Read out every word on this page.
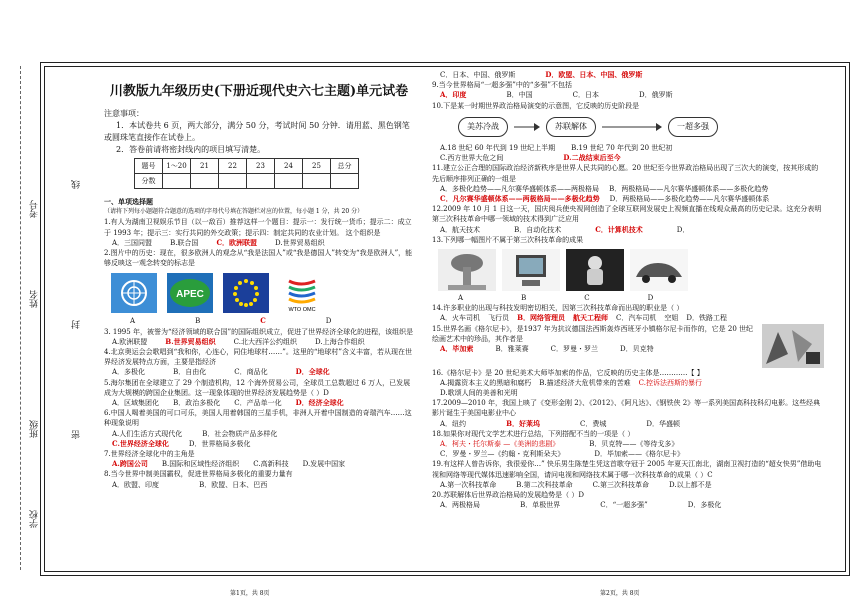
学校
班级
姓名
考号
密
封
线
川教版九年级历史(下册近现代史六七主题)单元试卷
注意事项：
1．本试卷共 6 页，两大部分，满分 50 分，考试时间 50 分钟．请用蓝、黑色钢笔或圆珠笔直接作在试卷上。
2．答卷前请将密封线内的项目填写清楚。
题号	1～20	21	22	23	24	25	总分
分数							
一、单项选择题
（请将下列每小题题符合题意的选项的字母代号填在答题栏对应的位置，每小题 1 分，共 20 分）

1.有人为湖南卫视娱乐节目（以一敌百）推荐这样一个题目：提示一：发行统一货币；提示二：成立于 1993 年；提示三：实行共同的外交政策；提示四：制定共同的农业计划。 这个组织是

A．三国同盟	B.联合国	C．欧洲联盟	D.世界贸易组织

2.图片中的历史：现在，很多欧洲人的观念从“我是法国人”或“我是德国人”转变为“我是欧洲人”，能够反映这一观念转变的标志是

APEC
WTO OMC
A	B	C	D

3. 1995 年，被誉为“经济领域的联合国”的国际组织成立，促进了世界经济全球化的进程，该组织是

A.欧洲联盟	B.世界贸易组织	C.北大西洋公约组织	D.上海合作组织

4.北京奥运会会歌唱到“我和你，心连心，同住地球村……”。这里的“地球村”含义丰富，若从现在世界经济发展特点方面，主要是指经济

A．多极化	B．自由化	C．商品化	D．全球化

5.海尔集团在全球建立了 29 个制造机构，12 个海外贸易公司，全球员工总数超过 6 万人，已发展成为大规模的跨国企业集团。这一现象体现的世界经济发展趋势是（ ）D

A．区域集团化 B．政治多极化 C．产品单一化 D．经济全球化

6.中国人喝着美国的可口可乐，美国人用着韩国的三星手机，非洲人开着中国制造的奇瑞汽车……这种现象说明

A.人们生活方式现代化	B．社会物质产品多样化
C.世界经济全球化	D．世界格局多极化

7.世界经济全球化中的主角是

A.跨国公司 B.国际和区域性经济组织 C.高新科技 D.发展中国家

8.当今世界中制美国霸权，促进世界格局多极化的重要力量有

A．欧盟、印度	B．欧盟、日本、巴西
C．日本、中国、俄罗斯	D．欧盟、日本、中国、俄罗斯

9.当今世界格局“一超多强”中的“多强”不包括

A．印度	B．中国	C．日本	D．俄罗斯

10.下是某一时期世界政治格局演变的示意图，它反映的历史阶段是

美苏冷战	苏联解体	一超多强
A.18 世纪 60 年代到 19 世纪上半期 B.19 世纪 70 年代到 20 世纪初
C.西方世界大危之间	D.二战结束后至今

11.建立公正合理的国际政治经济新秩序是世界人民共同的心愿。20 世纪至今世界政治格局出现了三次大的演变，按其形成的先后顺序排列正确的一组是

A．多极化趋势——凡尔赛华盛顿体系——两极格局 B．两极格局——凡尔赛华盛顿体系——多极化趋势
C．凡尔赛华盛顿体系——两极格局——多极化趋势 D．两极格局——多极化趋势——凡尔赛华盛顿体系

12.2009 年 10 月 1 日这一天，国庆阅兵使央视网创造了全球互联网发展史上视频直播在线观众最高的历史记录。这充分表明第三次科技革命中哪一领域的技术得到广泛应用

A．航天技术	B．自动化技术	C．计算机技术	D．

13.下列哪一幅图片不属于第三次科技革命的成果

A	B	C	D

14.许多职业的出现与科技发明密切相关，因第三次科技革命而出现的职业是（ ）

A．火车司机 飞行员 B．网络管理员 航天工程师 C．汽车司机 空姐 D．铁路工程

15.世界名画《格尔尼卡》，是1937 年为抗议德国法西斯轰炸西班牙小镇格尔尼卡而作的，它是 20 世纪绘画艺术中的珍品，其作者是

A．毕加索	B．雅莱赛	C．罗曼・罗兰	D．贝克特

16.《格尔尼卡》是 20 世纪美术大师毕加索的作品，它反映的历史主体是…………【 】

A.揭露资本主义的黑暗和腐朽 B.描述经济大危机带来的苦难 C.控诉法西斯的暴行
D.歌颂人间的美善和光明

17.2009—2010 年，我国上映了《变形金刚 2》、《2012》、《阿凡达》、《钢铁侠 2》等一系列美国高科技科幻电影。这些经典影片诞生于美国电影业中心

A．纽约	B．好莱坞	C．费城	D．华盛顿

18.如果你对现代文学艺术进行总结，下列搭配不当的一项是（ ）

A．柯夫・托尔斯泰 —《美洲的悲剧》	B．贝克特——《等待戈多》
C．罗曼・罗兰—《约翰・克利斯朵夫》	D．毕加索——《格尔尼卡》

19.有这样人曾告诉你，我很爱你…” 快乐男生陈楚生凭这首歌夺冠于 2005 年夏天江南北，湖南卫视打造的“超女快男”借助电视和网络等现代媒体迅速影响全国，请问电视和网络技术属于哪一次科技革命的成果（ ）C

A.第一次科技革命	B.第二次科技革命	C.第三次科技革命	D.以上都不是

20.苏联解体后世界政治格局的发展趋势是（ ）D

A．两极格局	B．单极世界	C．“一超多强”	D．多极化
第1页，共 8页	第2页，共 8页
